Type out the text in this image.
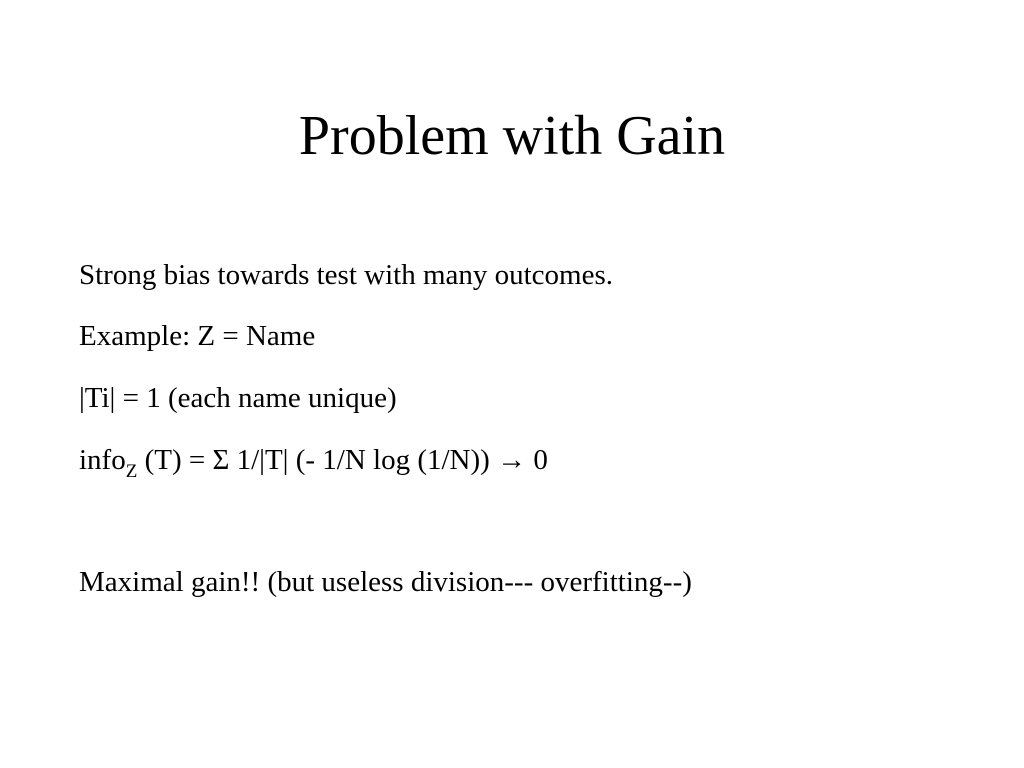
Problem with Gain

Strong bias towards test with many outcomes.

Example: Z = Name

|Ti| = 1 (each name unique)

info$_Z$ (T) = Σ 1/|T| (- 1/N log (1/N)) → 0

Maximal gain!! (but useless division--- overfitting--)
